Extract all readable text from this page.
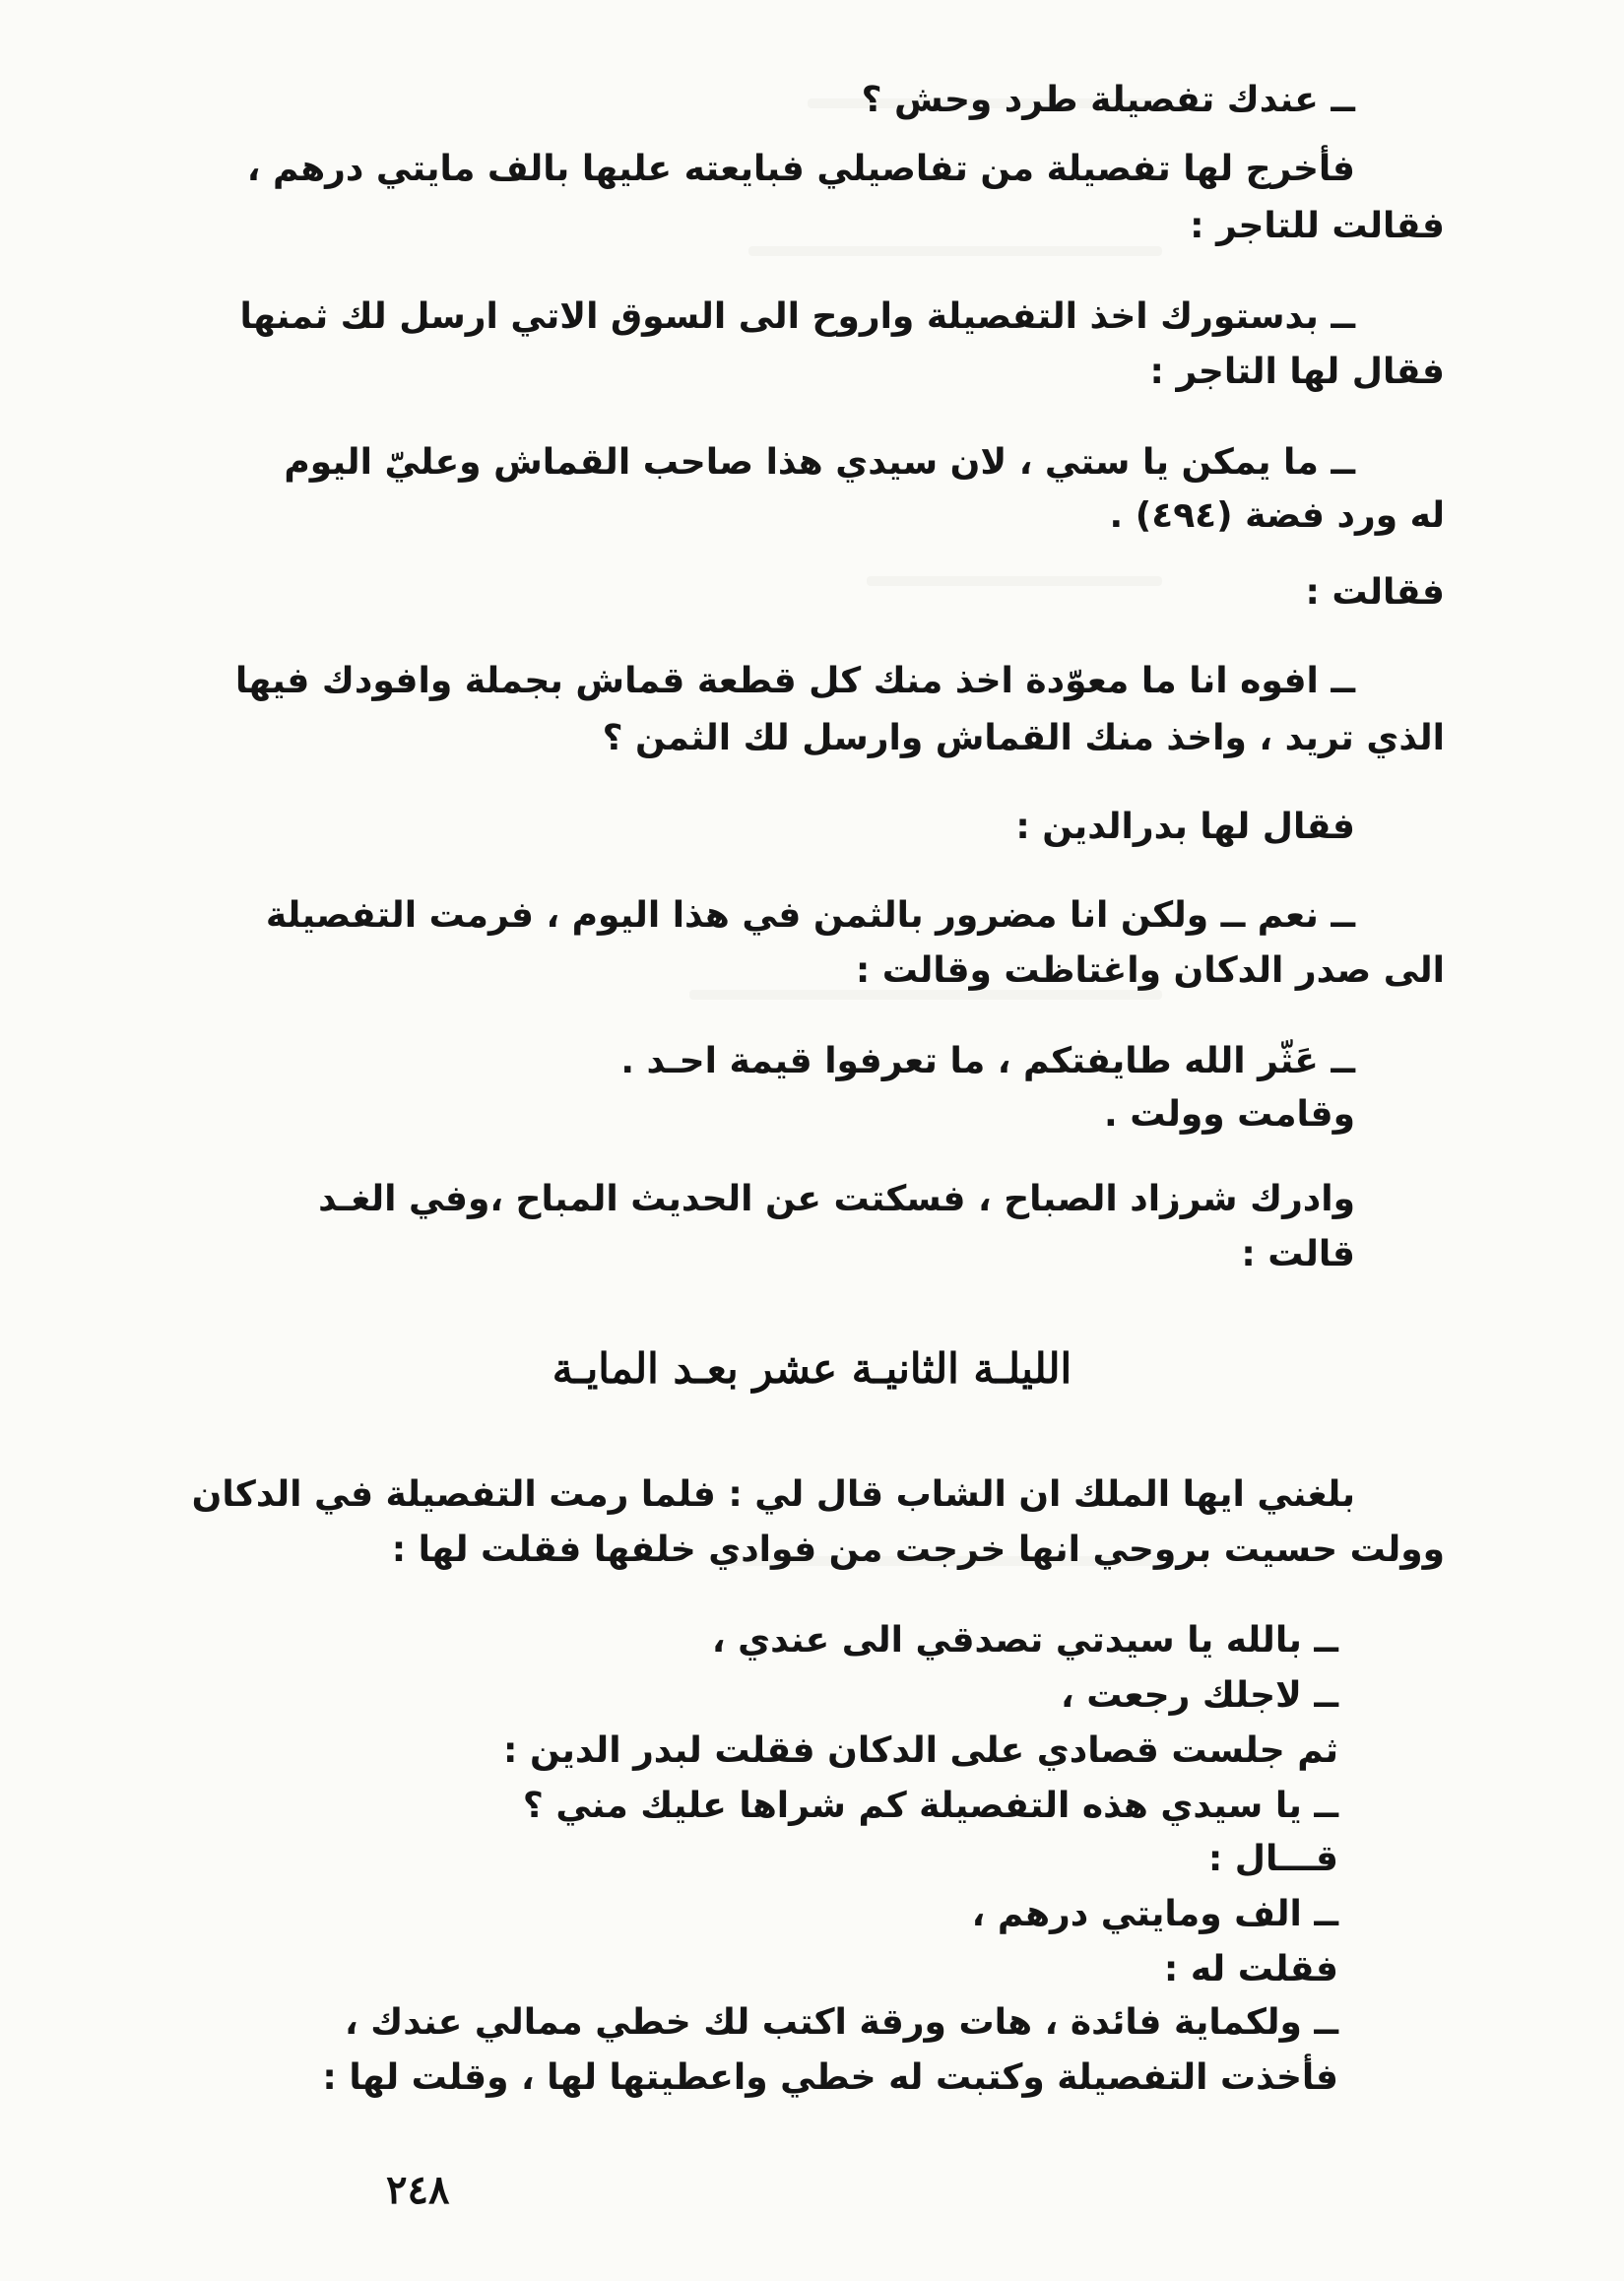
ــ عندك تفصيلة طرد وحش ؟
فأخرج لها تفصيلة من تفاصيلي فبايعته عليها بالف مايتي درهم ،
فقالت للتاجر :
ــ بدستورك اخذ التفصيلة واروح الى السوق الاتي ارسل لك ثمنها
فقال لها التاجر :
ــ ما يمكن يا ستي ، لان سيدي هذا صاحب القماش وعليّ اليوم
له ورد فضة (٤٩٤) .
فقالت :
ــ افوه انا ما معوّدة اخذ منك كل قطعة قماش بجملة وافودك فيها
الذي تريد ، واخذ منك القماش وارسل لك الثمن ؟
فقال لها بدرالدين :
ــ نعم ــ ولكن انا مضرور بالثمن في هذا اليوم ، فرمت التفصيلة
الى صدر الدكان واغتاظت وقالت :
ــ عَثّر الله طايفتكم ، ما تعرفوا قيمة احـد .
وقامت وولت .
وادرك شرزاد الصباح ، فسكتت عن الحديث المباح ،وفي الغـد
قالت :
الليلـة الثانيـة عشر بعـد المايـة
بلغني ايها الملك ان الشاب قال لي : فلما رمت التفصيلة في الدكان
وولت حسيت بروحي انها خرجت من فوادي خلفها فقلت لها :
ــ بالله يا سيدتي تصدقي الى عندي ،
ــ لاجلك رجعت ،
ثم جلست قصادي على الدكان فقلت لبدر الدين :
ــ يا سيدي هذه التفصيلة كم شراها عليك مني ؟
قـــال :
ــ الف ومايتي درهم ،
فقلت له :
ــ ولكماية فائدة ، هات ورقة اكتب لك خطي ممالي عندك ،
فأخذت التفصيلة وكتبت له خطي واعطيتها لها ، وقلت لها :
٢٤٨
